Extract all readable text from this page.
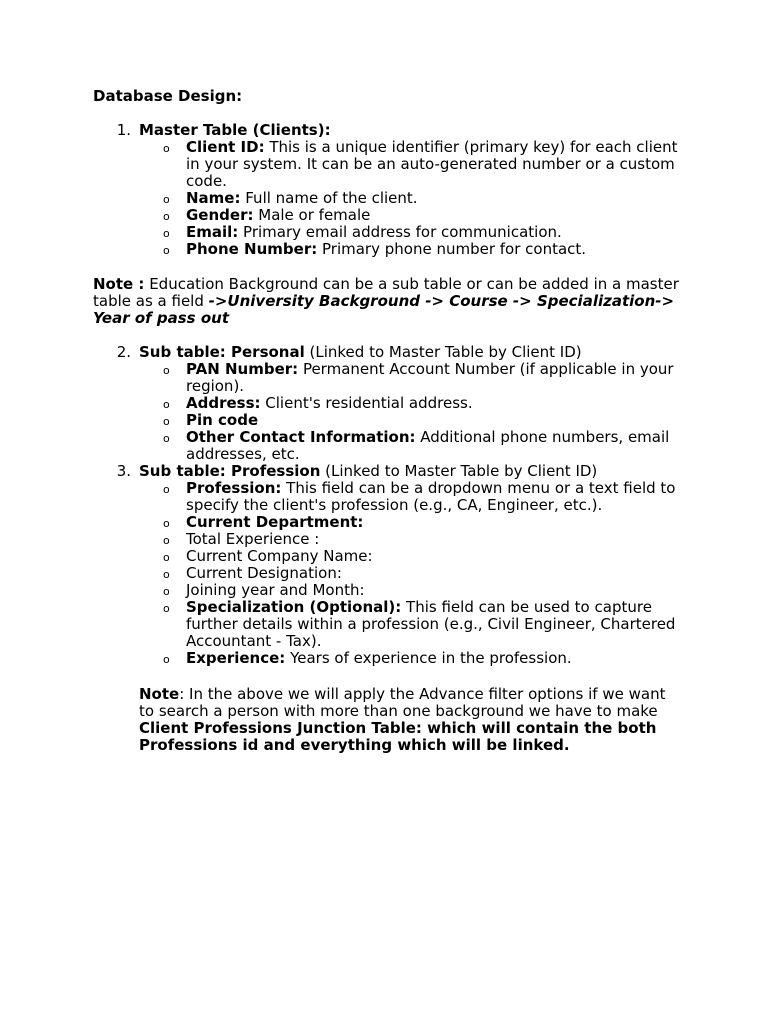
Database Design:

1. Master Table (Clients):
o Client ID: This is a unique identifier (primary key) for each client in your system. It can be an auto-generated number or a custom code.
o Name: Full name of the client.
o Gender: Male or female
o Email: Primary email address for communication.
o Phone Number: Primary phone number for contact.

Note : Education Background can be a sub table or can be added in a master table as a field ->University Background -> Course -> Specialization-> Year of pass out

2. Sub table: Personal (Linked to Master Table by Client ID)
o PAN Number: Permanent Account Number (if applicable in your region).
o Address: Client's residential address.
o Pin code
o Other Contact Information: Additional phone numbers, email addresses, etc.
3. Sub table: Profession (Linked to Master Table by Client ID)
o Profession: This field can be a dropdown menu or a text field to specify the client's profession (e.g., CA, Engineer, etc.).
o Current Department:
o Total Experience :
o Current Company Name:
o Current Designation:
o Joining year and Month:
o Specialization (Optional): This field can be used to capture further details within a profession (e.g., Civil Engineer, Chartered Accountant - Tax).
o Experience: Years of experience in the profession.

Note: In the above we will apply the Advance filter options if we want to search a person with more than one background we have to make Client Professions Junction Table: which will contain the both Professions id and everything which will be linked.
